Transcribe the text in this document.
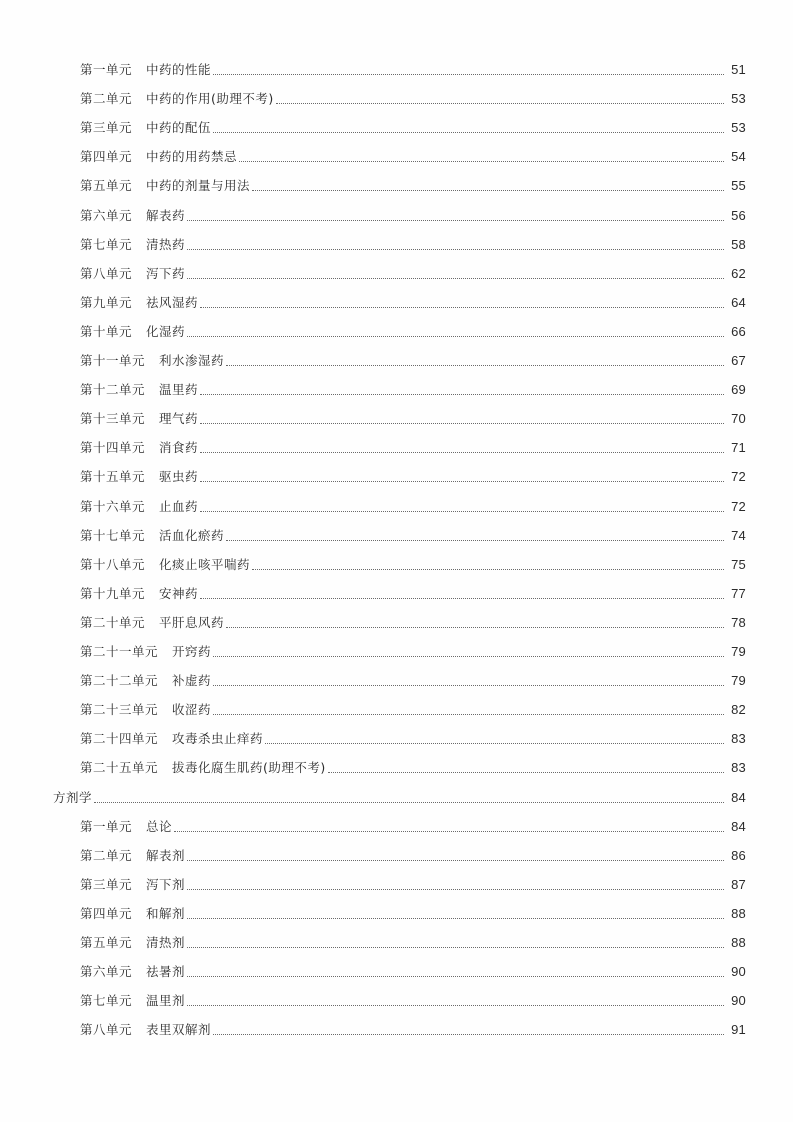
第一单元 中药的性能	51
第二单元 中药的作用(助理不考)	53
第三单元 中药的配伍	53
第四单元 中药的用药禁忌	54
第五单元 中药的剂量与用法	55
第六单元 解表药	56
第七单元 清热药	58
第八单元 泻下药	62
第九单元 祛风湿药	64
第十单元 化湿药	66
第十一单元 利水渗湿药	67
第十二单元 温里药	69
第十三单元 理气药	70
第十四单元 消食药	71
第十五单元 驱虫药	72
第十六单元 止血药	72
第十七单元 活血化瘀药	74
第十八单元 化痰止咳平喘药	75
第十九单元 安神药	77
第二十单元 平肝息风药	78
第二十一单元 开窍药	79
第二十二单元 补虚药	79
第二十三单元 收涩药	82
第二十四单元 攻毒杀虫止痒药	83
第二十五单元 拔毒化腐生肌药(助理不考)	83
方剂学	84
第一单元 总论	84
第二单元 解表剂	86
第三单元 泻下剂	87
第四单元 和解剂	88
第五单元 清热剂	88
第六单元 祛暑剂	90
第七单元 温里剂	90
第八单元 表里双解剂	91
